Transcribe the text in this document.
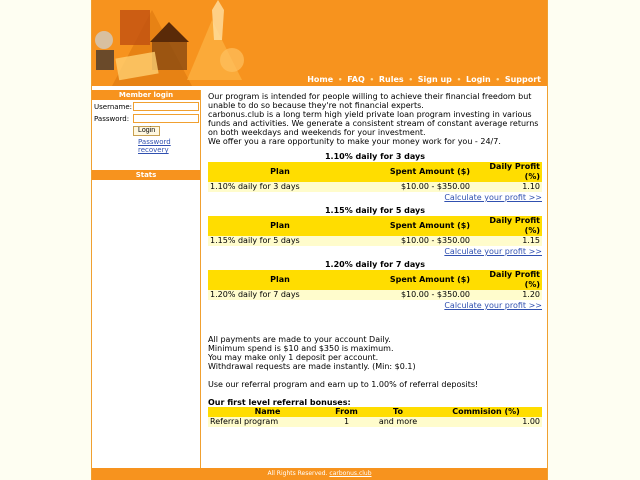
Home • FAQ • Rules • Sign up • Login • Support
Member login
Username:
Password:
Login
Password recovery
Stats
Our program is intended for people willing to achieve their financial freedom but unable to do so because they're not financial experts.
carbonus.club is a long term high yield private loan program investing in various funds and activities. We generate a consistent stream of constant average returns on both weekdays and weekends for your investment.
We offer you a rare opportunity to make your money work for you - 24/7.
1.10% daily for 3 days
Plan	Spent Amount ($)	Daily Profit (%)
1.10% daily for 3 days	$10.00 - $350.00	1.10
Calculate your profit >>
1.15% daily for 5 days
Plan	Spent Amount ($)	Daily Profit (%)
1.15% daily for 5 days	$10.00 - $350.00	1.15
Calculate your profit >>
1.20% daily for 7 days
Plan	Spent Amount ($)	Daily Profit (%)
1.20% daily for 7 days	$10.00 - $350.00	1.20
Calculate your profit >>
All payments are made to your account Daily.
Minimum spend is $10 and $350 is maximum.
You may make only 1 deposit per account.
Withdrawal requests are made instantly. (Min: $0.1)
Use our referral program and earn up to 1.00% of referral deposits!
Our first level referral bonuses:
Name	From	To	Commision (%)
Referral program	1	and more	1.00
All Rights Reserved. carbonus.club
